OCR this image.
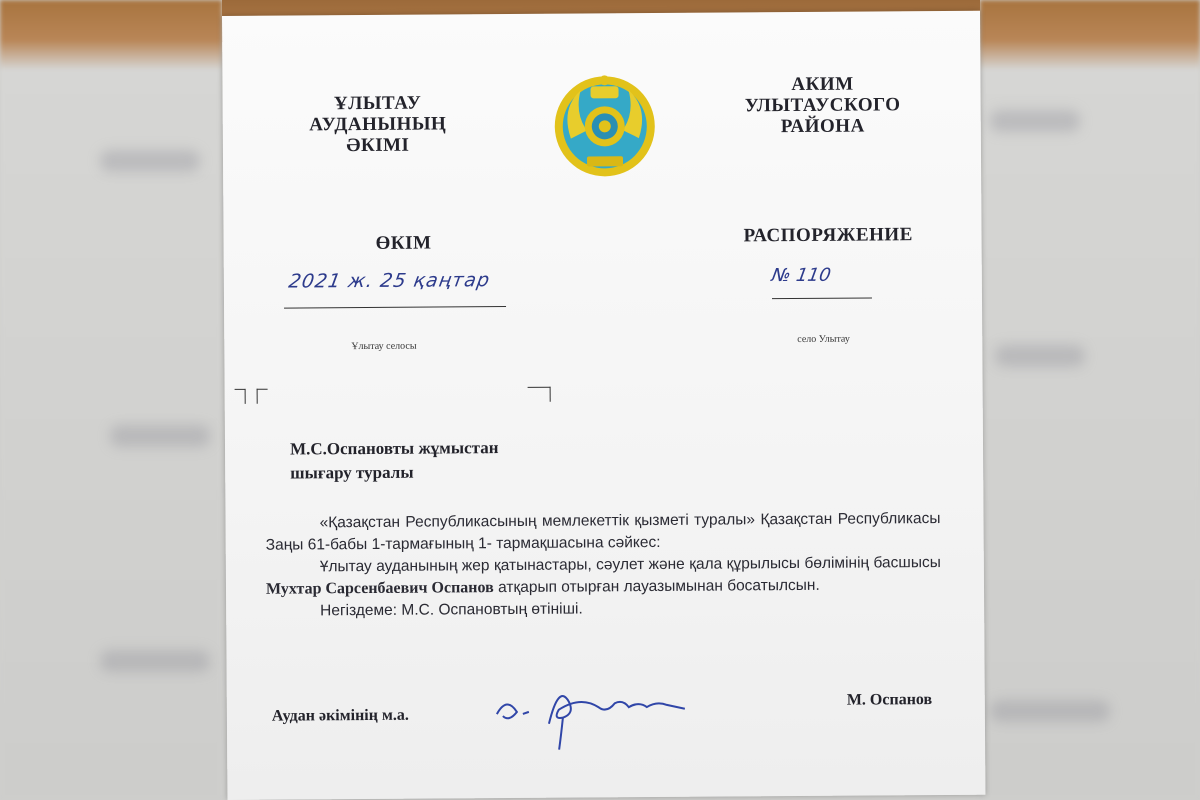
ҰЛЫТАУ
АУДАНЫНЫҢ
ӘКІМІ
АКИМ
УЛЫТАУСКОГО
РАЙОНА
ӨКІМ	РАСПОРЯЖЕНИЕ
2021 ж. 25 қаңтар	№ 110
Ұлытау селосы
село Улытау
М.С.Оспановты жұмыстан
шығару туралы

«Қазақстан Республикасының мемлекеттік қызметі туралы» Қазақстан Республикасы Заңы 61-бабы 1-тармағының 1- тармақшасына сәйкес:

Ұлытау ауданының жер қатынастары, сәулет және қала құрылысы бөлімінің басшысы Мухтар Сарсенбаевич Оспанов атқарып отырған лауазымынан босатылсын.

Негіздеме: М.С. Оспановтың өтініші.

Аудан әкімінің м.а.
М. Оспанов
